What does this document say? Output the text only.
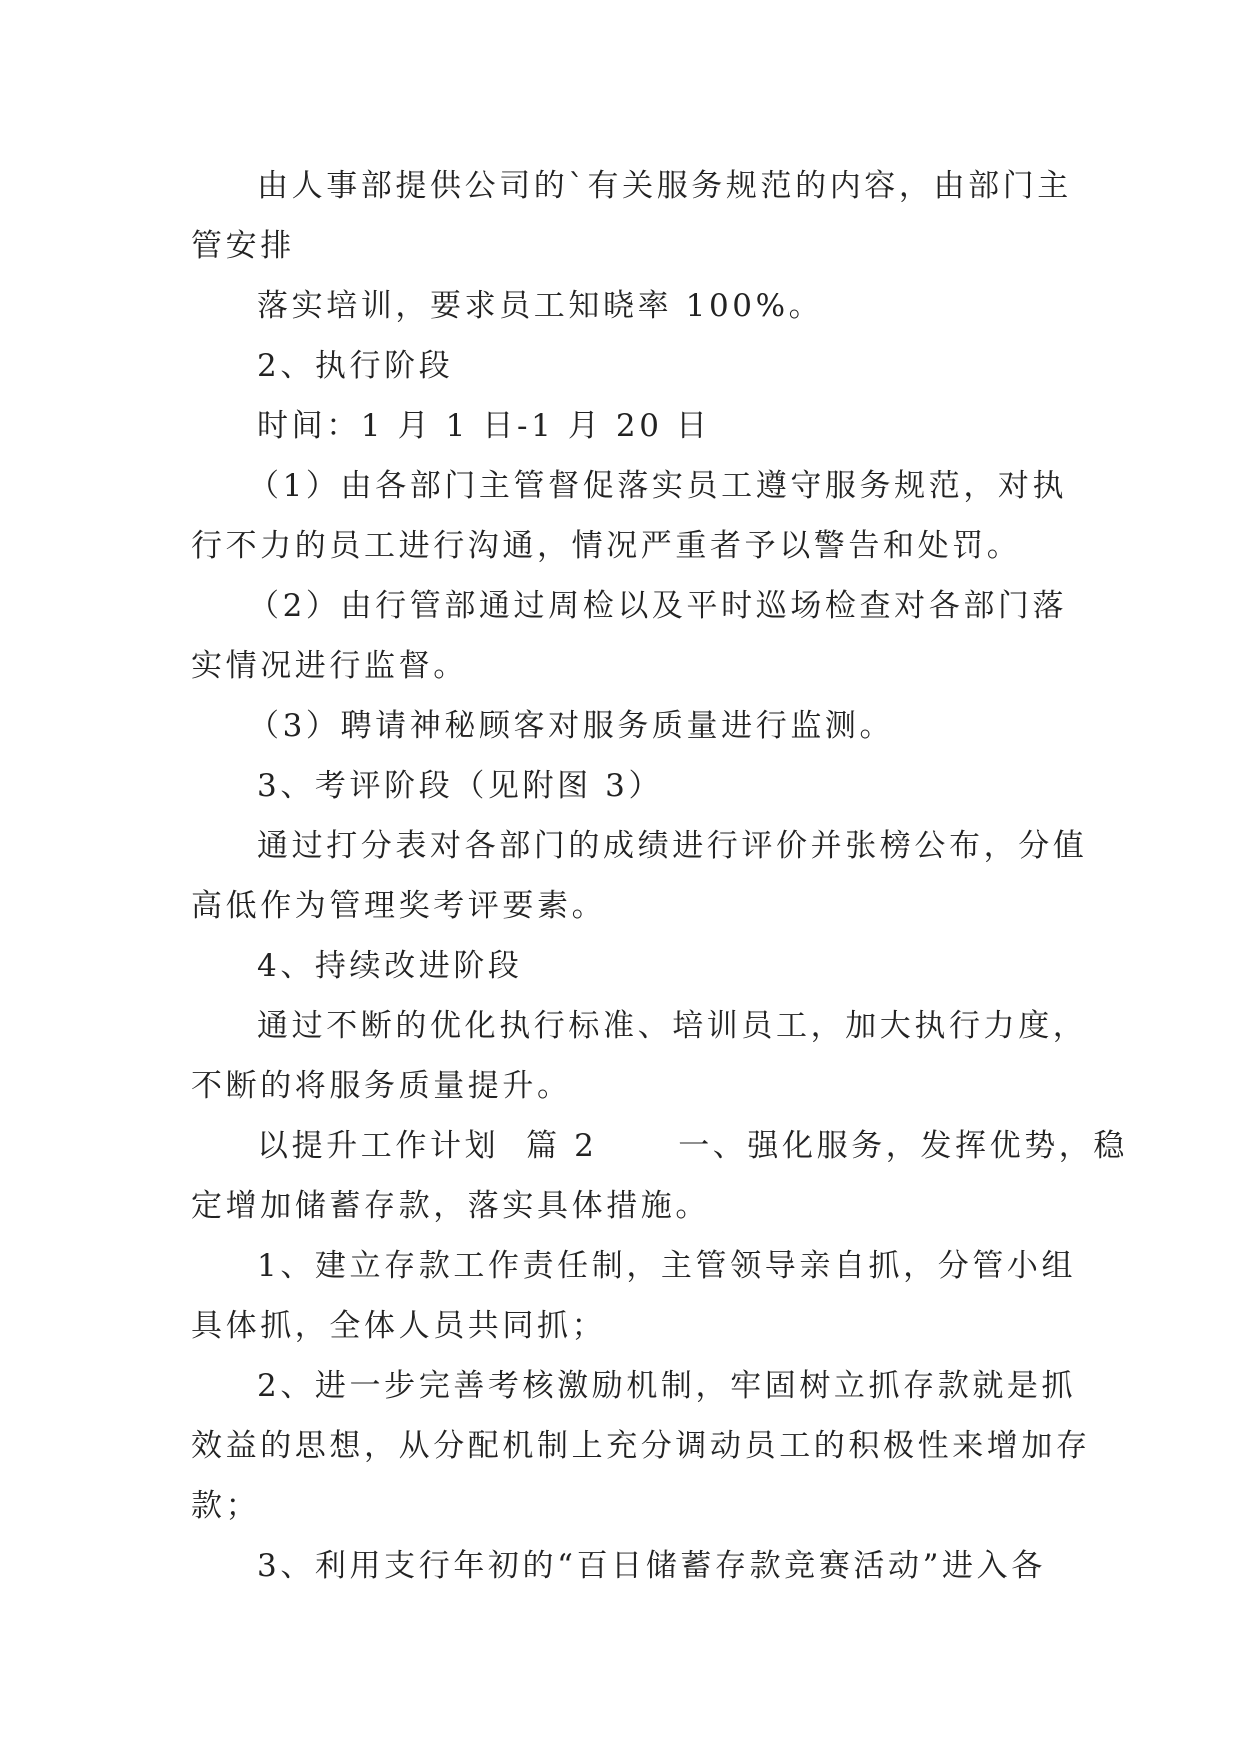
由人事部提供公司的`有关服务规范的内容，由部门主
管安排
落实培训，要求员工知晓率 100%。
2、执行阶段
时间：1 月 1 日-1 月 20 日
（1）由各部门主管督促落实员工遵守服务规范，对执
行不力的员工进行沟通，情况严重者予以警告和处罚。
（2）由行管部通过周检以及平时巡场检查对各部门落
实情况进行监督。
（3）聘请神秘顾客对服务质量进行监测。
3、考评阶段（见附图 3）
通过打分表对各部门的成绩进行评价并张榜公布，分值
高低作为管理奖考评要素。
4、持续改进阶段
通过不断的优化执行标准、培训员工，加大执行力度，
不断的将服务质量提升。
以提升工作计划  篇 2      一、强化服务，发挥优势，稳
定增加储蓄存款，落实具体措施。
1、建立存款工作责任制，主管领导亲自抓，分管小组
具体抓，全体人员共同抓；
2、进一步完善考核激励机制，牢固树立抓存款就是抓
效益的思想，从分配机制上充分调动员工的积极性来增加存
款；
3、利用支行年初的“百日储蓄存款竞赛活动”进入各
